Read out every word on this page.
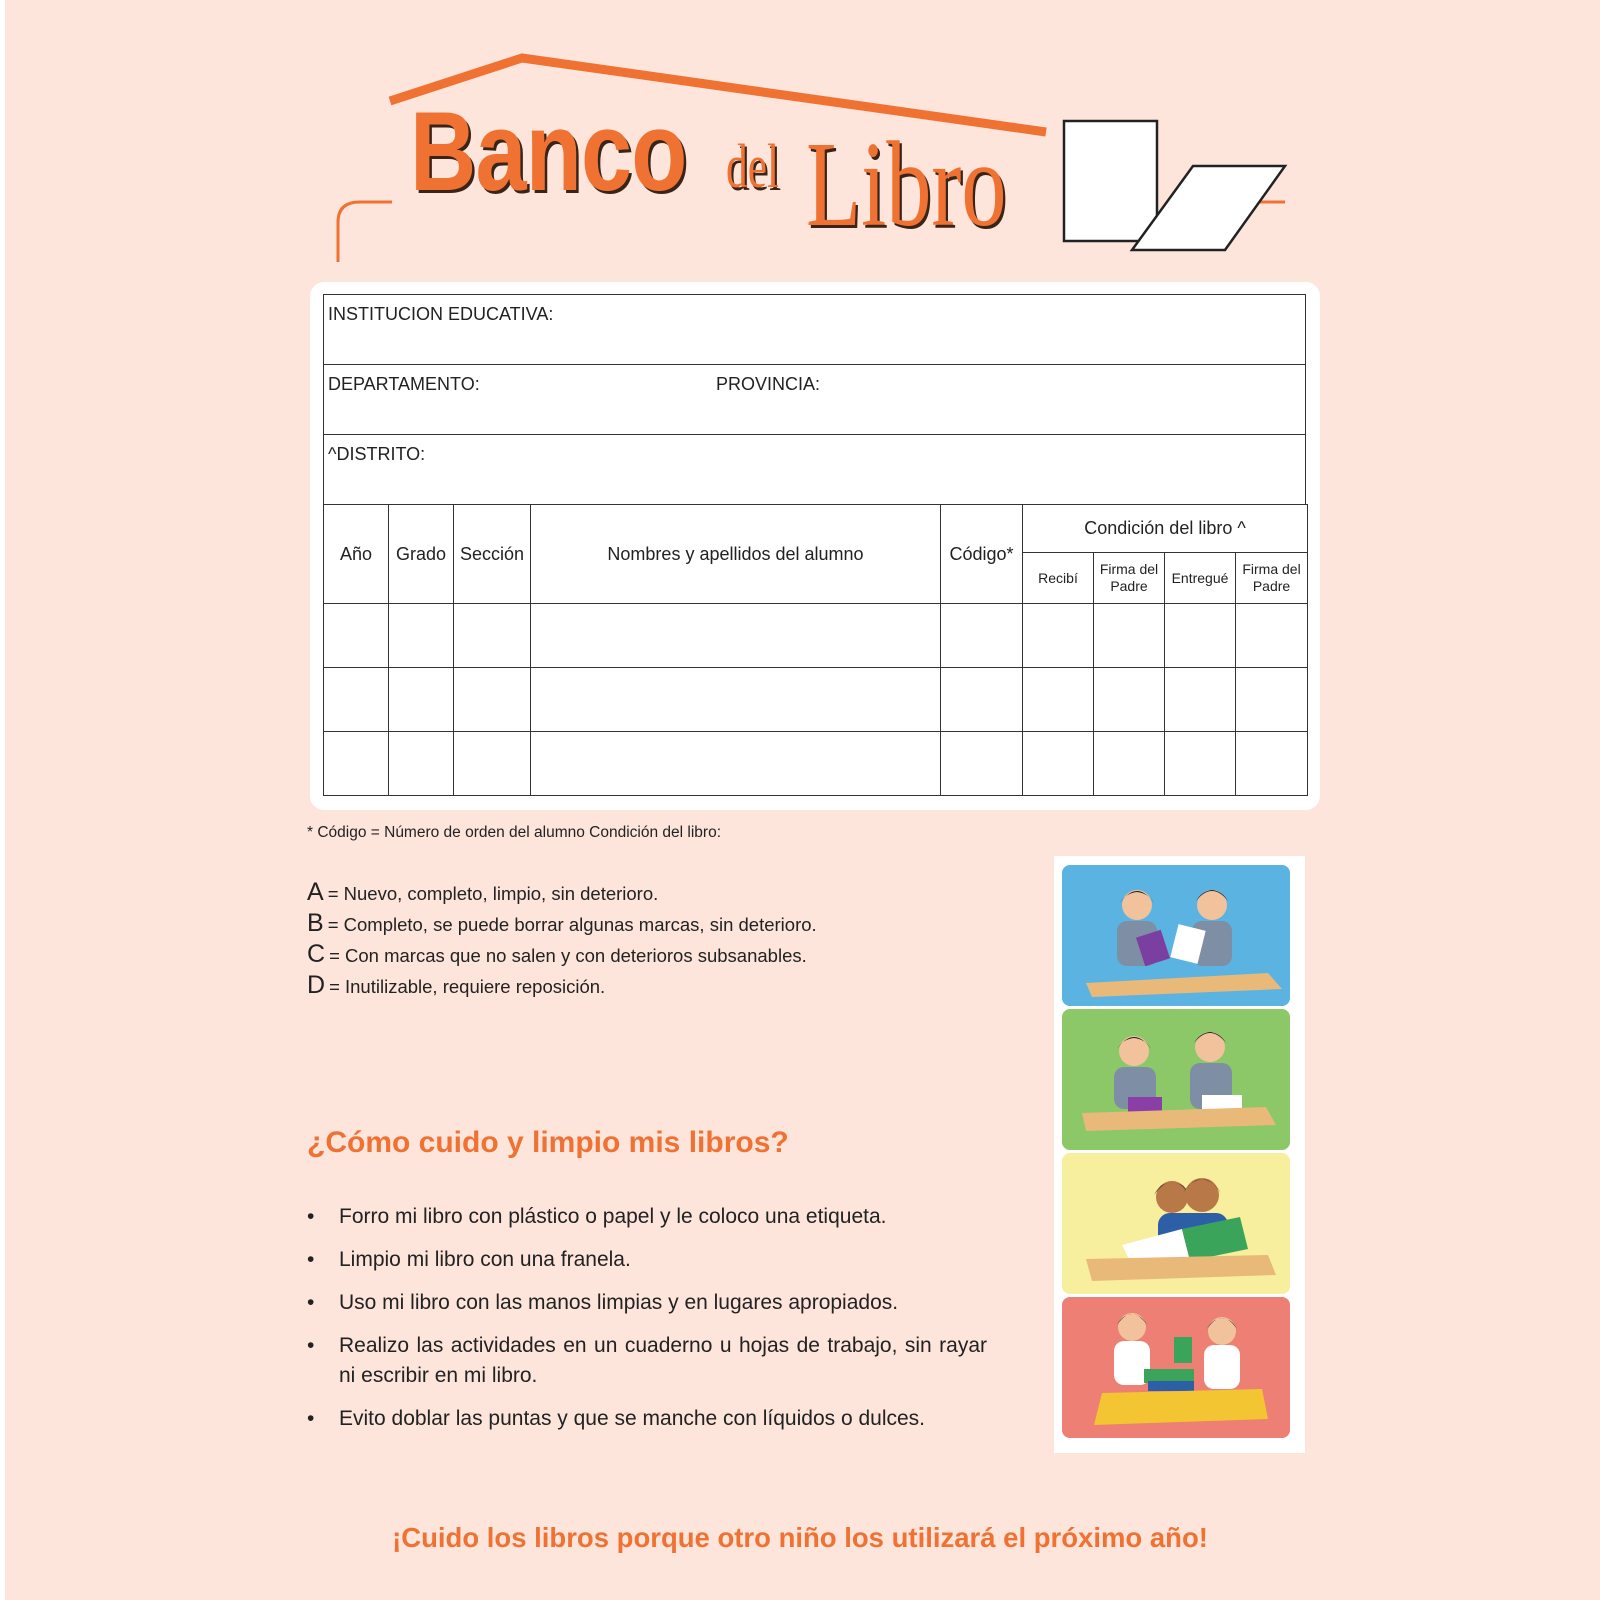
Banco del Libro
INSTITUCION EDUCATIVA:
DEPARTAMENTO:	PROVINCIA:
^DISTRITO:
Año	Grado	Sección	Nombres y apellidos del alumno	Código*	Condición del libro ^			
					Recibí	Firma del Padre	Entregué	Firma del Padre

* Código = Número de orden del alumno Condición del libro:
A = Nuevo, completo, limpio, sin deterioro.
B = Completo, se puede borrar algunas marcas, sin deterioro.
C = Con marcas que no salen y con deterioros subsanables.
D = Inutilizable, requiere reposición.
¿Cómo cuido y limpio mis libros?
• Forro mi libro con plástico o papel y le coloco una etiqueta.
• Limpio mi libro con una franela.
• Uso mi libro con las manos limpias y en lugares apropiados.
• Realizo las actividades en un cuaderno u hojas de trabajo, sin rayar ni escribir en mi libro.
• Evito doblar las puntas y que se manche con líquidos o dulces.
¡Cuido los libros porque otro niño los utilizará el próximo año!
